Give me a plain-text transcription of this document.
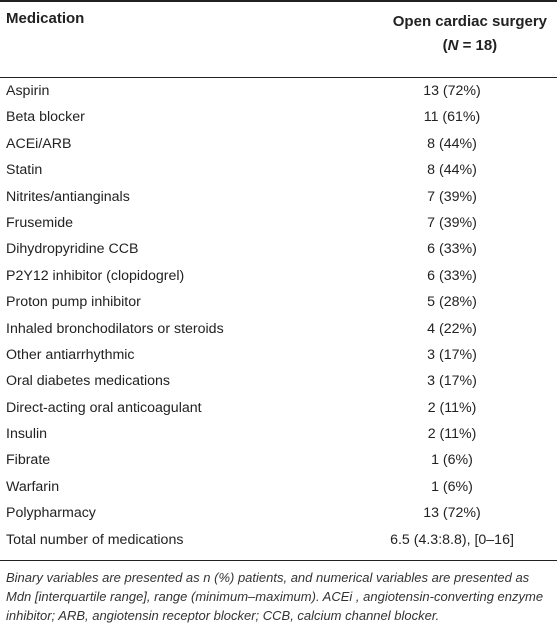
Medication	Open cardiac surgery
(N = 18)
Aspirin	13 (72%)
Beta blocker	11 (61%)
ACEi/ARB	8 (44%)
Statin	8 (44%)
Nitrites/antianginals	7 (39%)
Frusemide	7 (39%)
Dihydropyridine CCB	6 (33%)
P2Y12 inhibitor (clopidogrel)	6 (33%)
Proton pump inhibitor	5 (28%)
Inhaled bronchodilators or steroids	4 (22%)
Other antiarrhythmic	3 (17%)
Oral diabetes medications	3 (17%)
Direct-acting oral anticoagulant	2 (11%)
Insulin	2 (11%)
Fibrate	1 (6%)
Warfarin	1 (6%)
Polypharmacy	13 (72%)
Total number of medications	6.5 (4.3:8.8), [0–16]
Binary variables are presented as n (%) patients, and numerical variables are presented as Mdn [interquartile range], range (minimum–maximum). ACEi , angiotensin-converting enzyme inhibitor; ARB, angiotensin receptor blocker; CCB, calcium channel blocker.
